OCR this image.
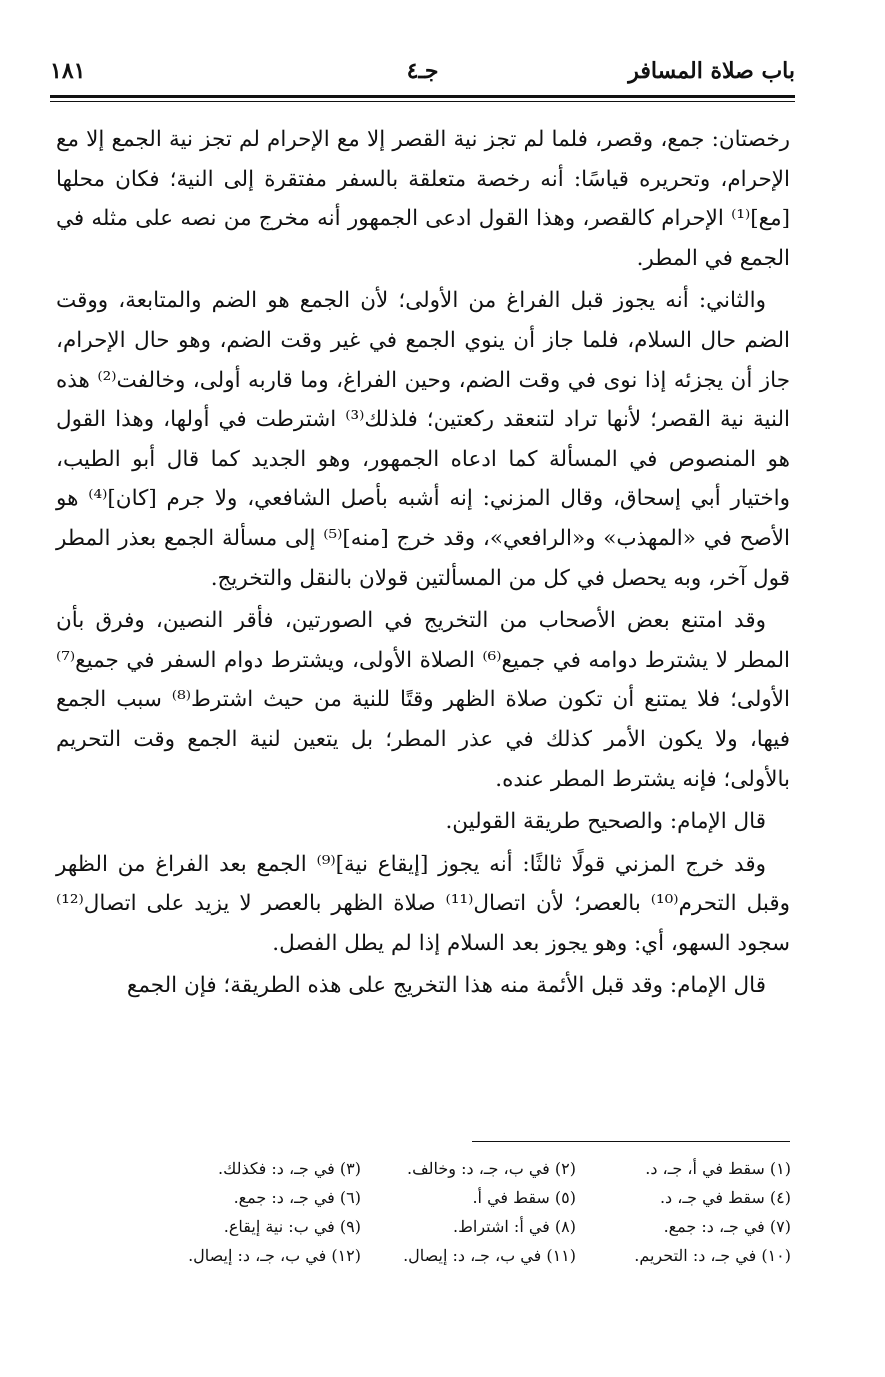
باب صلاة المسافر
جـ٤
١٨١

رخصتان: جمع، وقصر، فلما لم تجز نية القصر إلا مع الإحرام لم تجز نية الجمع إلا مع الإحرام، وتحريره قياسًا: أنه رخصة متعلقة بالسفر مفتقرة إلى النية؛ فكان محلها [مع]⁽¹⁾ الإحرام كالقصر، وهذا القول ادعى الجمهور أنه مخرج من نصه على مثله في الجمع في المطر.

والثاني: أنه يجوز قبل الفراغ من الأولى؛ لأن الجمع هو الضم والمتابعة، ووقت الضم حال السلام، فلما جاز أن ينوي الجمع في غير وقت الضم، وهو حال الإحرام، جاز أن يجزئه إذا نوى في وقت الضم، وحين الفراغ، وما قاربه أولى، وخالفت⁽²⁾ هذه النية نية القصر؛ لأنها تراد لتنعقد ركعتين؛ فلذلك⁽³⁾ اشترطت في أولها، وهذا القول هو المنصوص في المسألة كما ادعاه الجمهور، وهو الجديد كما قال أبو الطيب، واختيار أبي إسحاق، وقال المزني: إنه أشبه بأصل الشافعي، ولا جرم [كان]⁽⁴⁾ هو الأصح في «المهذب» و«الرافعي»، وقد خرج [منه]⁽⁵⁾ إلى مسألة الجمع بعذر المطر قول آخر، وبه يحصل في كل من المسألتين قولان بالنقل والتخريج.

وقد امتنع بعض الأصحاب من التخريج في الصورتين، فأقر النصين، وفرق بأن المطر لا يشترط دوامه في جميع⁽⁶⁾ الصلاة الأولى، ويشترط دوام السفر في جميع⁽⁷⁾ الأولى؛ فلا يمتنع أن تكون صلاة الظهر وقتًا للنية من حيث اشترط⁽⁸⁾ سبب الجمع فيها، ولا يكون الأمر كذلك في عذر المطر؛ بل يتعين لنية الجمع وقت التحريم بالأولى؛ فإنه يشترط المطر عنده.

قال الإمام: والصحيح طريقة القولين.

وقد خرج المزني قولًا ثالثًا: أنه يجوز [إيقاع نية]⁽⁹⁾ الجمع بعد الفراغ من الظهر وقبل التحرم⁽¹⁰⁾ بالعصر؛ لأن اتصال⁽¹¹⁾ صلاة الظهر بالعصر لا يزيد على اتصال⁽¹²⁾ سجود السهو، أي: وهو يجوز بعد السلام إذا لم يطل الفصل.

قال الإمام: وقد قبل الأئمة منه هذا التخريج على هذه الطريقة؛ فإن الجمع

(١) سقط في أ، جـ، د.
(٢) في ب، جـ، د: وخالف.
(٣) في جـ، د: فكذلك.
(٤) سقط في جـ، د.
(٥) سقط في أ.
(٦) في جـ، د: جمع.
(٧) في جـ، د: جمع.
(٨) في أ: اشتراط.
(٩) في ب: نية إيقاع.
(١٠) في جـ، د: التحريم.
(١١) في ب، جـ، د: إيصال.
(١٢) في ب، جـ، د: إيصال.
